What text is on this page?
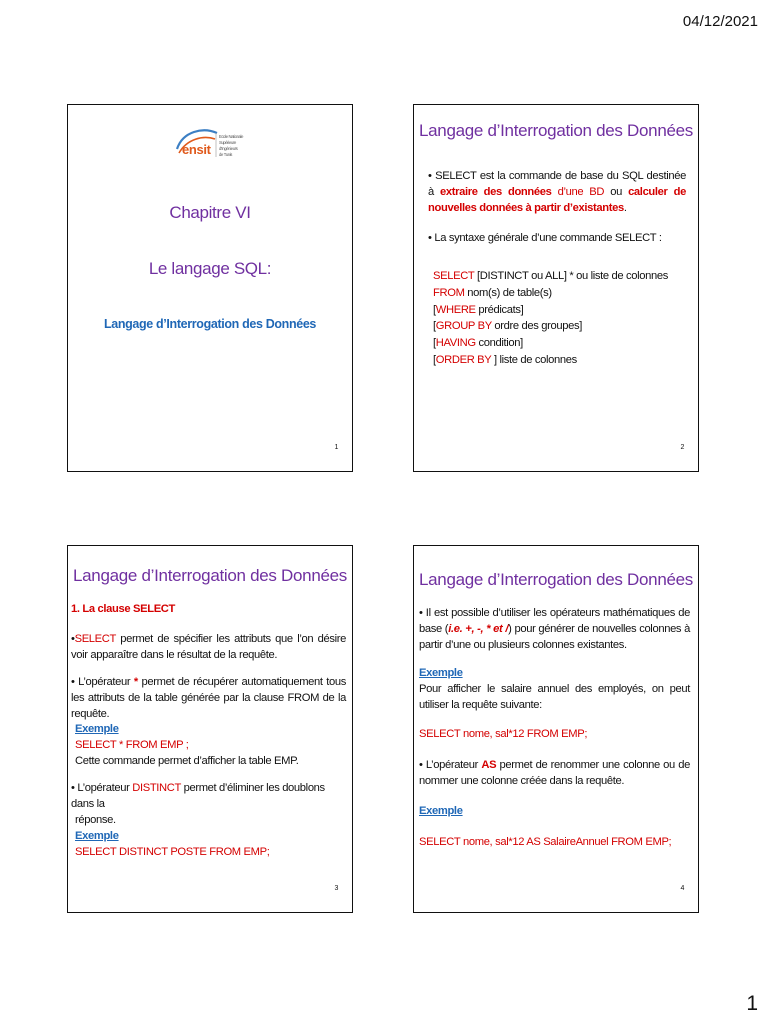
04/12/2021
ensit
Ecole Nationale
Supérieure
d'Ingénieurs
de Tunis
Chapitre VI
Le langage SQL:
Langage d’Interrogation des Données
1
Langage d’Interrogation des Données

• SELECT est la commande de base du SQL destinée à extraire des données d’une BD ou calculer de nouvelles données à partir d’existantes.

• La syntaxe générale d’une commande SELECT :

SELECT [DISTINCT ou ALL] * ou liste de colonnes
FROM nom(s) de table(s)
[WHERE prédicats]
[GROUP BY ordre des groupes]
[HAVING condition]
[ORDER BY ] liste de colonnes
2
Langage d’Interrogation des Données

1. La clause SELECT

•SELECT permet de spécifier les attributs que l’on désire voir apparaître dans le résultat de la requête.

• L’opérateur * permet de récupérer automatiquement tous les attributs de la table générée par la clause FROM de la requête.

Exemple
SELECT * FROM EMP ;
Cette commande permet d’afficher la table EMP.

• L’opérateur DISTINCT permet d’éliminer les doublons dans la

réponse.
Exemple
SELECT DISTINCT POSTE FROM EMP;
3
Langage d’Interrogation des Données

• Il est possible d’utiliser les opérateurs mathématiques de base (i.e. +, -, * et /) pour générer de nouvelles colonnes à partir d’une ou plusieurs colonnes existantes.

Exemple

Pour afficher le salaire annuel des employés, on peut utiliser la requête suivante:

SELECT nome, sal*12 FROM EMP;

• L’opérateur AS permet de renommer une colonne ou de nommer une colonne créée dans la requête.

Exemple
SELECT nome, sal*12 AS SalaireAnnuel FROM EMP;
4
1
